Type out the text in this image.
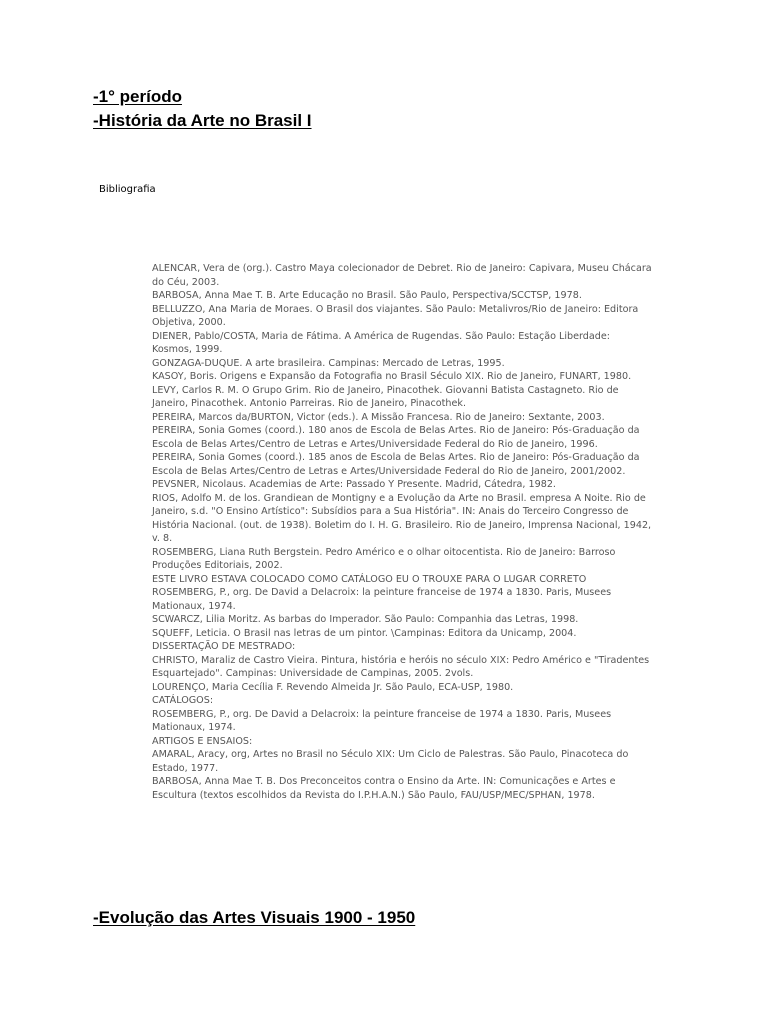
-1° período
-História da Arte no Brasil I
Bibliografia
ALENCAR, Vera de (org.). Castro Maya colecionador de Debret. Rio de Janeiro: Capivara, Museu Chácara do Céu, 2003.
BARBOSA, Anna Mae T. B. Arte Educação no Brasil. São Paulo, Perspectiva/SCCTSP, 1978.
BELLUZZO, Ana Maria de Moraes. O Brasil dos viajantes. São Paulo: Metalivros/Rio de Janeiro: Editora Objetiva, 2000.
DIENER, Pablo/COSTA, Maria de Fátima. A América de Rugendas. São Paulo: Estação Liberdade: Kosmos, 1999.
GONZAGA-DUQUE. A arte brasileira. Campinas: Mercado de Letras, 1995.
KASOY, Boris. Origens e Expansão da Fotografia no Brasil Século XIX. Rio de Janeiro, FUNART, 1980.
LEVY, Carlos R. M. O Grupo Grim. Rio de Janeiro, Pinacothek. Giovanni Batista Castagneto. Rio de Janeiro, Pinacothek. Antonio Parreiras. Rio de Janeiro, Pinacothek.
PEREIRA, Marcos da/BURTON, Victor (eds.). A Missão Francesa. Rio de Janeiro: Sextante, 2003.
PEREIRA, Sonia Gomes (coord.). 180 anos de Escola de Belas Artes. Rio de Janeiro: Pós-Graduação da Escola de Belas Artes/Centro de Letras e Artes/Universidade Federal do Rio de Janeiro, 1996.
PEREIRA, Sonia Gomes (coord.). 185 anos de Escola de Belas Artes. Rio de Janeiro: Pós-Graduação da Escola de Belas Artes/Centro de Letras e Artes/Universidade Federal do Rio de Janeiro, 2001/2002.
PEVSNER, Nicolaus. Academias de Arte: Passado Y Presente. Madrid, Cátedra, 1982.
RIOS, Adolfo M. de los. Grandiean de Montigny e a Evolução da Arte no Brasil. empresa A Noite. Rio de Janeiro, s.d. "O Ensino Artístico": Subsídios para a Sua História". IN: Anais do Terceiro Congresso de História Nacional. (out. de 1938). Boletim do I. H. G. Brasileiro. Rio de Janeiro, Imprensa Nacional, 1942, v. 8.
ROSEMBERG, Liana Ruth Bergstein. Pedro Américo e o olhar oitocentista. Rio de Janeiro: Barroso Produções Editoriais, 2002.
ESTE LIVRO ESTAVA COLOCADO COMO CATÁLOGO EU O TROUXE PARA O LUGAR CORRETO
ROSEMBERG, P., org. De David a Delacroix: la peinture franceise de 1974 a 1830. Paris, Musees Mationaux, 1974.
SCWARCZ, Lilia Moritz. As barbas do Imperador. São Paulo: Companhia das Letras, 1998.
SQUEFF, Leticia. O Brasil nas letras de um pintor. \Campinas: Editora da Unicamp, 2004.
DISSERTAÇÃO DE MESTRADO:
CHRISTO, Maraliz de Castro Vieira. Pintura, história e heróis no século XIX: Pedro Américo e "Tiradentes Esquartejado". Campinas: Universidade de Campinas, 2005. 2vols.
LOURENÇO, Maria Cecília F. Revendo Almeida Jr. São Paulo, ECA-USP, 1980.
CATÁLOGOS:
ROSEMBERG, P., org. De David a Delacroix: la peinture franceise de 1974 a 1830. Paris, Musees Mationaux, 1974.
ARTIGOS E ENSAIOS:
AMARAL, Aracy, org, Artes no Brasil no Século XIX: Um Ciclo de Palestras. São Paulo, Pinacoteca do Estado, 1977.
BARBOSA, Anna Mae T. B. Dos Preconceitos contra o Ensino da Arte. IN: Comunicações e Artes e Escultura (textos escolhidos da Revista do I.P.H.A.N.) São Paulo, FAU/USP/MEC/SPHAN, 1978.
-Evolução das Artes Visuais 1900 - 1950
